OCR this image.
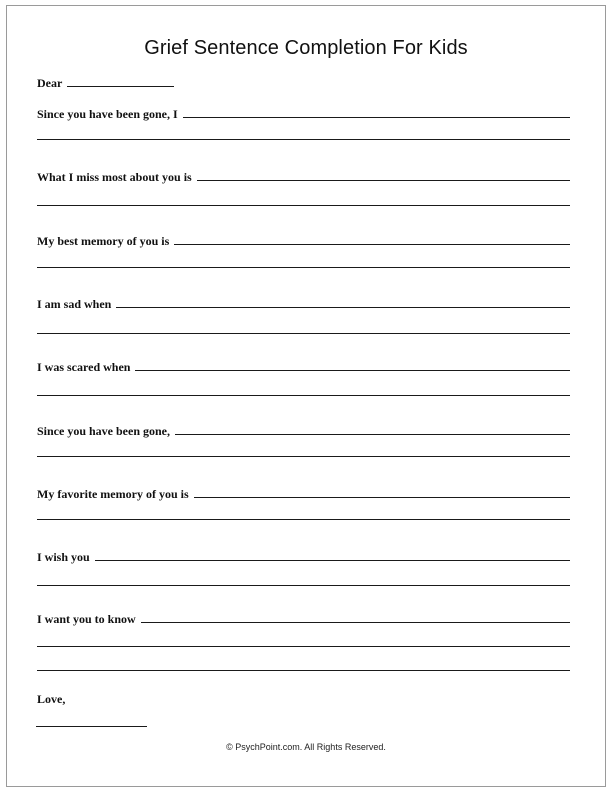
Grief Sentence Completion For Kids
Dear
Since you have been gone, I
What I miss most about you is
My best memory of you is
I am sad when
I was scared when
Since you have been gone,
My favorite memory of you is
I wish you
I want you to know
Love,
© PsychPoint.com. All Rights Reserved.
